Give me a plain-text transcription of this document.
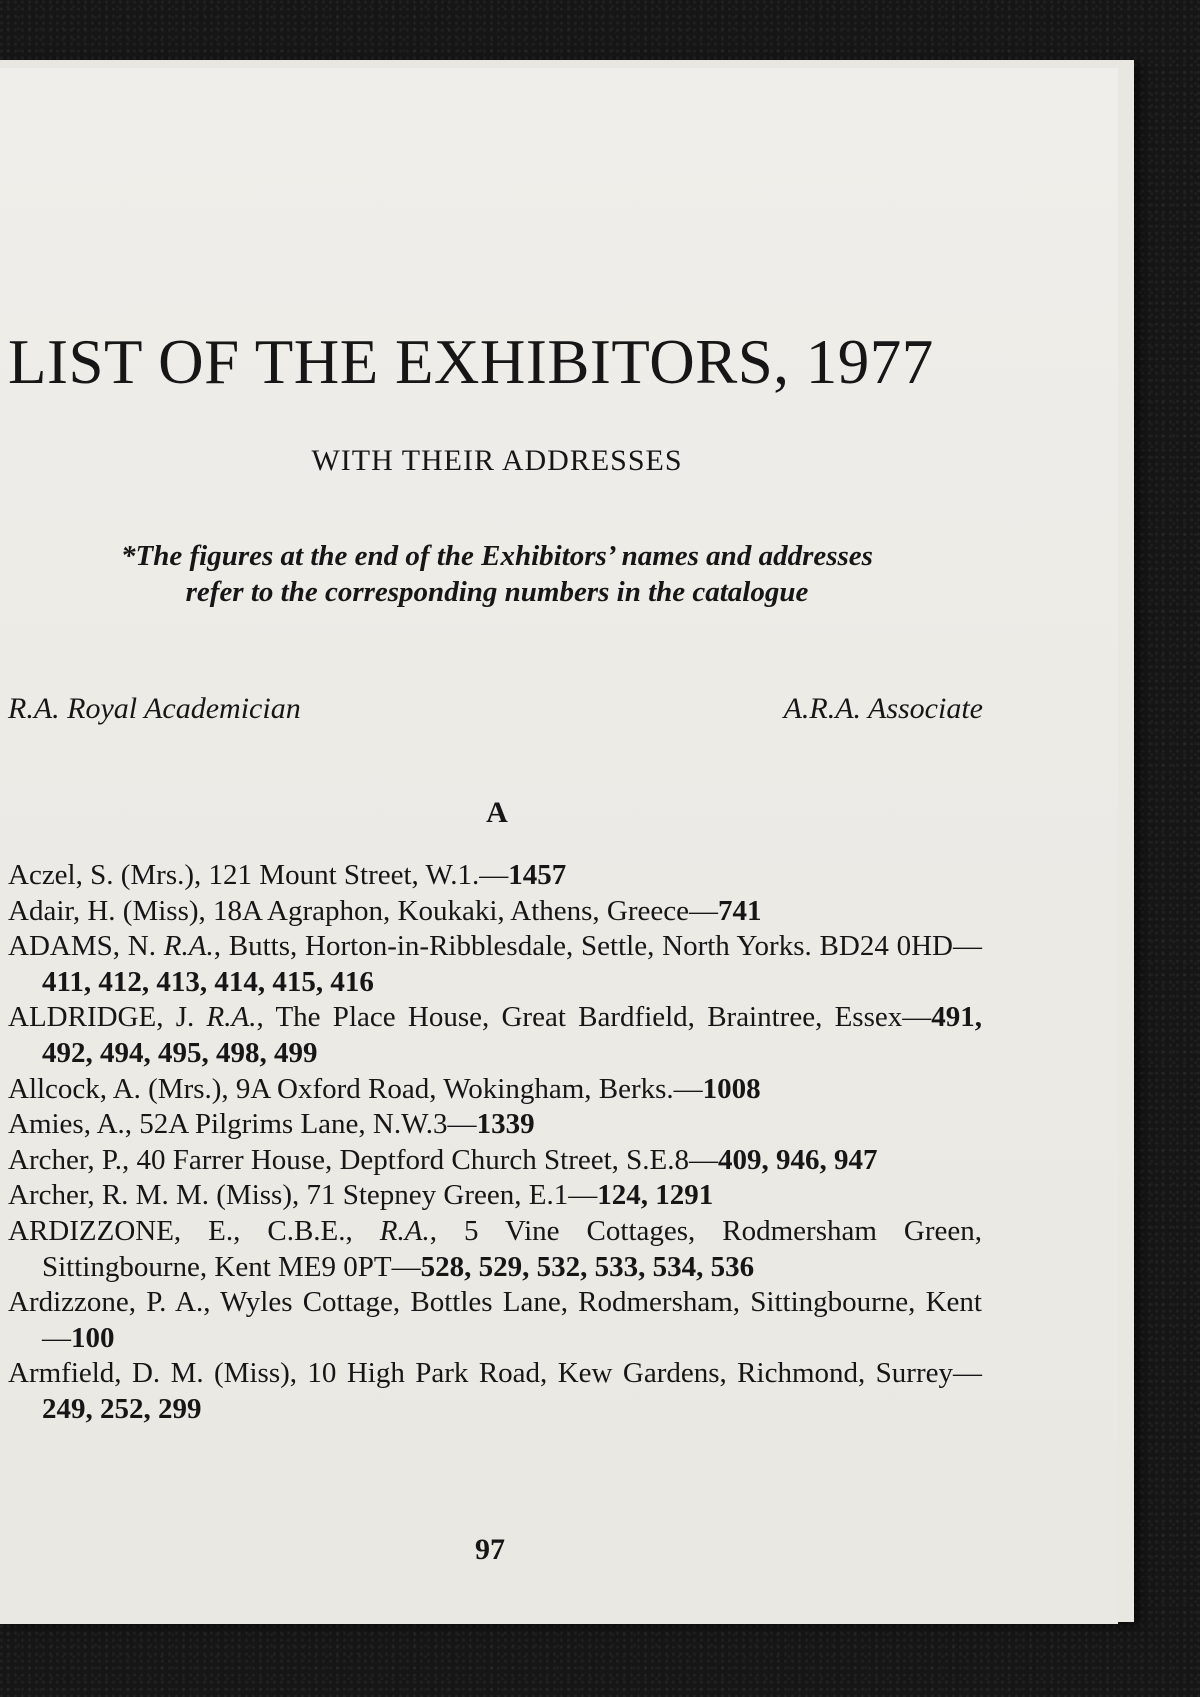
LIST OF THE EXHIBITORS, 1977
WITH THEIR ADDRESSES

*The figures at the end of the Exhibitors’ names and addresses
refer to the corresponding numbers in the catalogue

R.A. Royal Academician	A.R.A. Associate
A
Aczel, S. (Mrs.), 121 Mount Street, W.1.—1457
Adair, H. (Miss), 18A Agraphon, Koukaki, Athens, Greece—741
ADAMS, N. R.A., Butts, Horton-in-Ribblesdale, Settle, North Yorks. BD24 0HD—411, 412, 413, 414, 415, 416
ALDRIDGE, J. R.A., The Place House, Great Bardfield, Braintree, Essex—491, 492, 494, 495, 498, 499
Allcock, A. (Mrs.), 9A Oxford Road, Wokingham, Berks.—1008
Amies, A., 52A Pilgrims Lane, N.W.3—1339
Archer, P., 40 Farrer House, Deptford Church Street, S.E.8—409, 946, 947
Archer, R. M. M. (Miss), 71 Stepney Green, E.1—124, 1291
ARDIZZONE, E., C.B.E., R.A., 5 Vine Cottages, Rodmersham Green, Sittingbourne, Kent ME9 0PT—528, 529, 532, 533, 534, 536
Ardizzone, P. A., Wyles Cottage, Bottles Lane, Rodmersham, Sittingbourne, Kent—100
Armfield, D. M. (Miss), 10 High Park Road, Kew Gardens, Richmond, Surrey—249, 252, 299
97
